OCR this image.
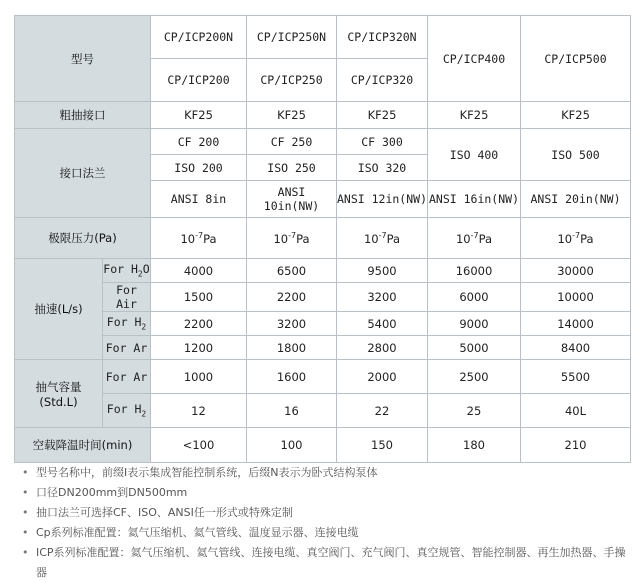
型号		CP/ICP200N	CP/ICP250N	CP/ICP320N	CP/ICP400	CP/ICP500
		CP/ICP200	CP/ICP250	CP/ICP320		
粗抽接口		KF25	KF25	KF25	KF25	KF25
接口法兰		CF 200	CF 250	CF 300	ISO 400	ISO 500
		ISO 200	ISO 250	ISO 320		
		ANSI 8in	ANSI 10in(NW)	ANSI 12in(NW)	ANSI 16in(NW)	ANSI 20in(NW)
极限压力(Pa)		$10^{-7}Pa$	$10^{-7}Pa$	$10^{-7}Pa$	$10^{-7}Pa$	$10^{-7}Pa$
抽速(L/s)	For $H_2O$	4000	6500	9500	16000	30000
	For Air	1500	2200	3200	6000	10000
	For $H_2$	2200	3200	5400	9000	14000
	For Ar	1200	1800	2800	5000	8400

抽气容量
(Std.L)	For Ar	1000	1600	2000	2500	5500
	For $H_2$	12	16	22	25	40L
空载降温时间(min)		<100	100	150	180	210
• 型号名称中，前缀I表示集成智能控制系统，后缀N表示为卧式结构泵体
• 口径DN200mm到DN500mm
• 抽口法兰可选择CF、ISO、ANSI任一形式或特殊定制
• Cp系列标准配置：氦气压缩机、氦气管线、温度显示器、连接电缆
• ICP系列标准配置：氦气压缩机、氦气管线、连接电缆、真空阀门、充气阀门、真空规管、智能控制器、再生加热器、手操器
